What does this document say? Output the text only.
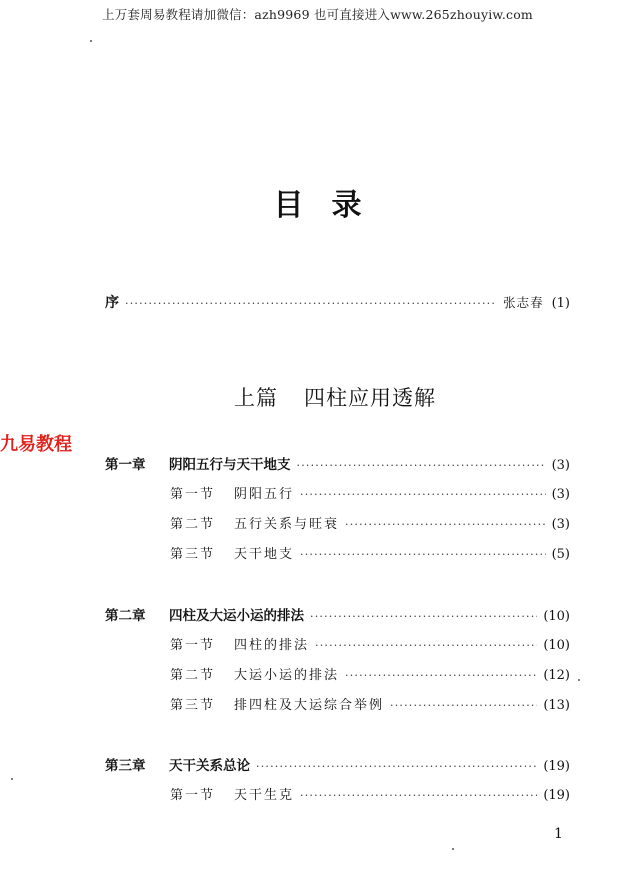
上万套周易教程请加微信：azh9969 也可直接进入www.265zhouyiw.com
九易教程
目录
序 ·····	张志春 (1)
上篇 四柱应用透解
第一章 阴阳五行与天干地支 ·····	(3)
第一节 阴阳五行 ·····	(3)
第二节 五行关系与旺衰 ·····	(3)
第三节 天干地支 ·····	(5)
第二章 四柱及大运小运的排法 ·····	(10)
第一节 四柱的排法 ·····	(10)
第二节 大运小运的排法 ·····	(12)
第三节 排四柱及大运综合举例 ·····	(13)
第三章 天干关系总论 ·····	(19)
第一节 天干生克 ·····	(19)
1
